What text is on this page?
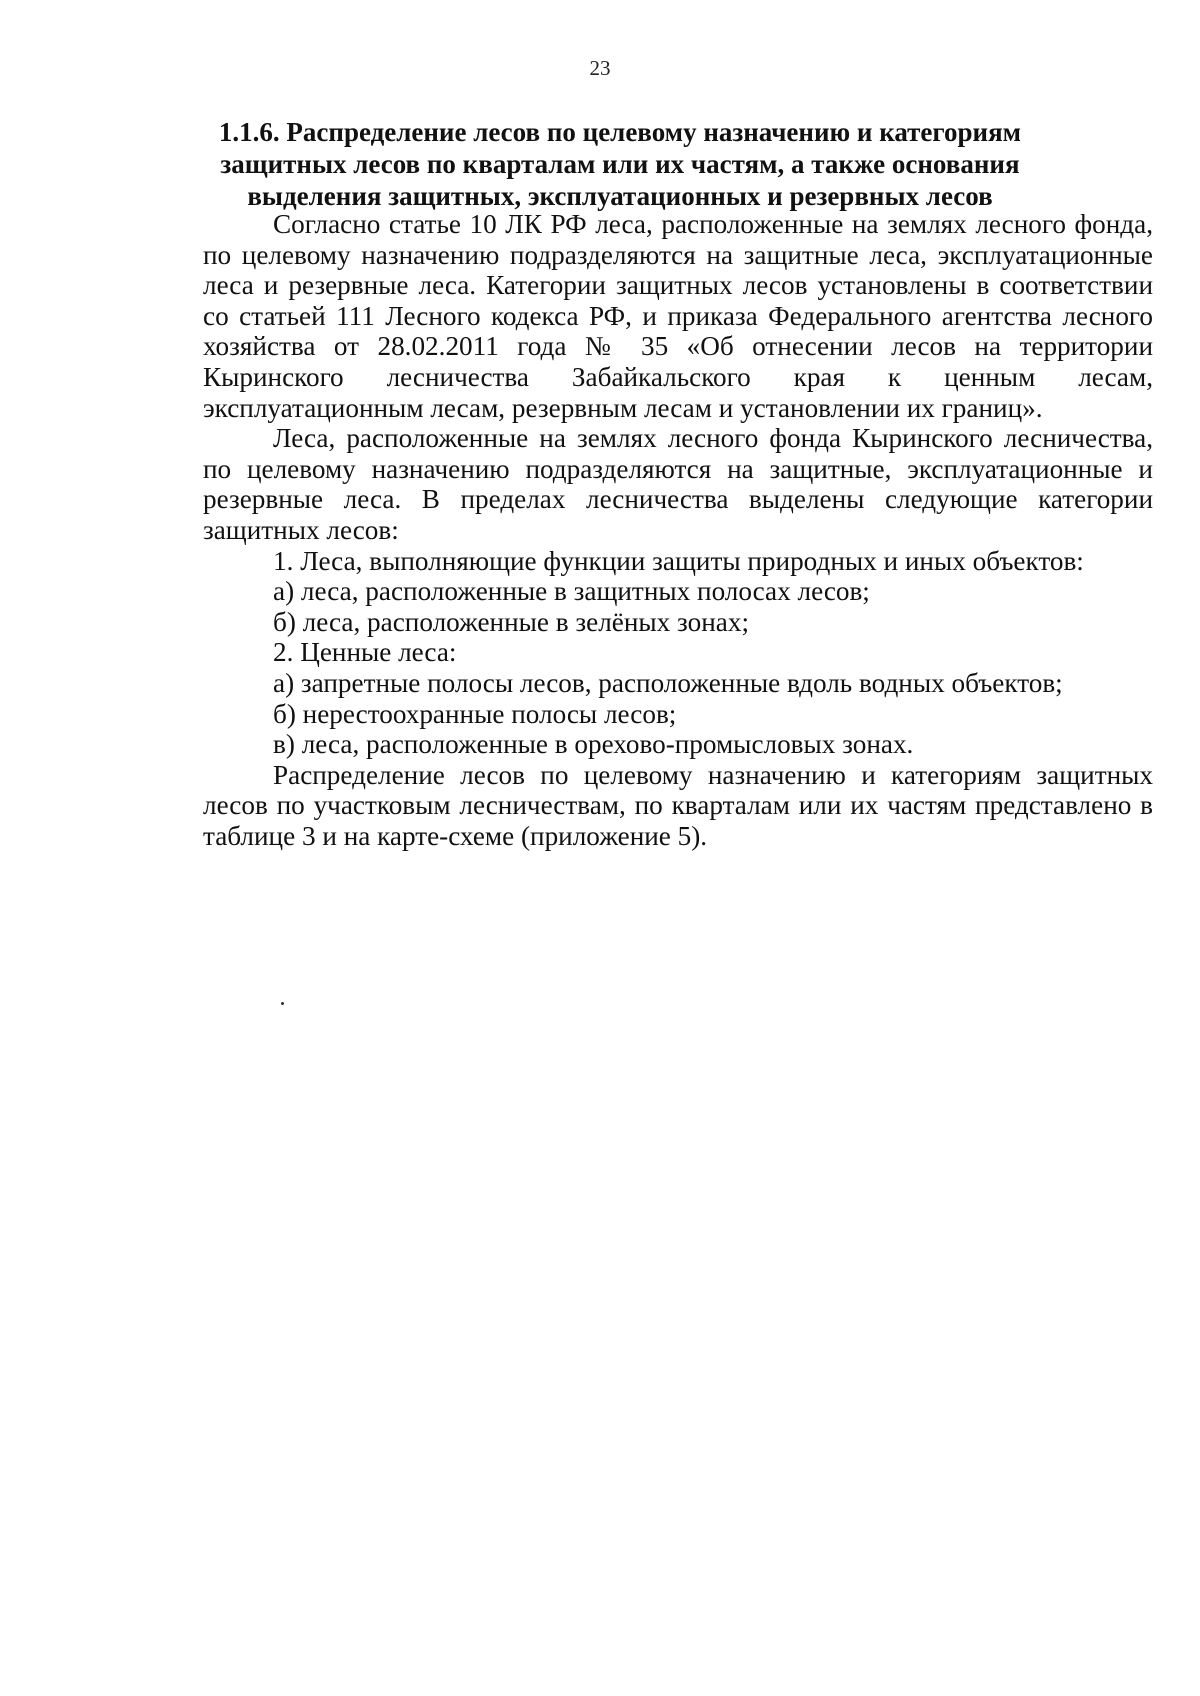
23
1.1.6. Распределение лесов по целевому назначению и категориям
защитных лесов по кварталам или их частям, а также основания
выделения защитных, эксплуатационных и резервных лесов

Согласно статье 10 ЛК РФ леса, расположенные на землях лесного фонда, по целевому назначению подразделяются на защитные леса, эксплуатационные леса и резервные леса. Категории защитных лесов установлены в соответствии со статьей 111 Лесного кодекса РФ, и приказа Федерального агентства лесного хозяйства от 28.02.2011 года № 35 «Об отнесении лесов на территории Кыринского лесничества Забайкальского края к ценным лесам, эксплуатационным лесам, резервным лесам и установлении их границ».

Леса, расположенные на землях лесного фонда Кыринского лесничества, по целевому назначению подразделяются на защитные, эксплуатационные и резервные леса. В пределах лесничества выделены следующие категории защитных лесов:

1. Леса, выполняющие функции защиты природных и иных объектов:

а) леса, расположенные в защитных полосах лесов;

б) леса, расположенные в зелёных зонах;

2. Ценные леса:

а) запретные полосы лесов, расположенные вдоль водных объектов;

б) нерестоохранные полосы лесов;

в) леса, расположенные в орехово-промысловых зонах.

Распределение лесов по целевому назначению и категориям защитных лесов по участковым лесничествам, по кварталам или их частям представлено в таблице 3 и на карте-схеме (приложение 5).
